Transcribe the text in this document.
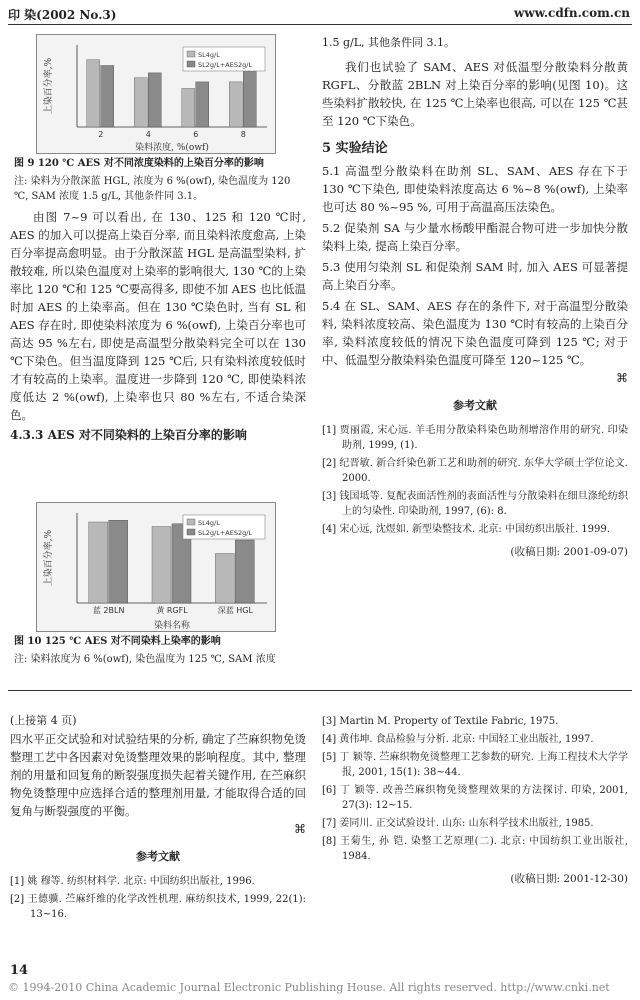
印 染(2002 No.3)	www.cdfn.com.cn
上染百分率,%
2	4	6	8
染料浓度, %(owf)
SL4g/L
SL2g/L+AES2g/L
图 9 120 ℃ AES 对不同浓度染料的上染百分率的影响
注: 染料为分散深蓝 HGL, 浓度为 6 %(owf), 染色温度为 120 ℃, SAM 浓度 1.5 g/L, 其他条件同 3.1。

由图 7~9 可以看出, 在 130、125 和 120 ℃时, AES 的加入可以提高上染百分率, 而且染料浓度愈高, 上染百分率提高愈明显。由于分散深蓝 HGL 是高温型染料, 扩散较难, 所以染色温度对上染率的影响很大, 130 ℃的上染率比 120 ℃和 125 ℃要高得多, 即使不加 AES 也比低温时加 AES 的上染率高。但在 130 ℃染色时, 当有 SL 和 AES 存在时, 即使染料浓度为 6 %(owf), 上染百分率也可高达 95 %左右, 即使是高温型分散染料完全可以在 130 ℃下染色。但当温度降到 125 ℃后, 只有染料浓度较低时才有较高的上染率。温度进一步降到 120 ℃, 即使染料浓度低达 2 %(owf), 上染率也只 80 %左右, 不适合染深色。

4.3.3 AES 对不同染料的上染百分率的影响
上染百分率,%
蓝 2BLN	黄 RGFL	深蓝 HGL
染料名称
SL4g/L
SL2g/L+AES2g/L
图 10 125 ℃ AES 对不同染料上染率的影响
注: 染料浓度为 6 %(owf), 染色温度为 125 ℃, SAM 浓度
1.5 g/L, 其他条件同 3.1。

我们也试验了 SAM、AES 对低温型分散染料分散黄 RGFL、分散蓝 2BLN 对上染百分率的影响(见图 10)。这些染料扩散较快, 在 125 ℃上染率也很高, 可以在 125 ℃甚至 120 ℃下染色。

5 实验结论
5.1 高温型分散染料在助剂 SL、SAM、AES 存在下于 130 ℃下染色, 即使染料浓度高达 6 %~8 %(owf), 上染率也可达 80 %~95 %, 可用于高温高压法染色。
5.2 促染剂 SA 与少量水杨酸甲酯混合物可进一步加快分散染料上染, 提高上染百分率。
5.3 使用匀染剂 SL 和促染剂 SAM 时, 加入 AES 可显著提高上染百分率。
5.4 在 SL、SAM、AES 存在的条件下, 对于高温型分散染料, 染料浓度较高、染色温度为 130 ℃时有较高的上染百分率, 染料浓度较低的情况下染色温度可降到 125 ℃; 对于中、低温型分散染料染色温度可降至 120~125 ℃。
⌘
参考文献
[1] 贾丽霞, 宋心远. 羊毛用分散染料染色助剂增溶作用的研究. 印染助剂, 1999, (1).
[2] 纪晋敏. 新合纤染色新工艺和助剂的研究. 东华大学硕士学位论文. 2000.
[3] 钱国坻等. 复配表面活性剂的表面活性与分散染料在细旦涤纶纺织上的匀染性. 印染助剂, 1997, (6): 8.
[4] 宋心远, 沈煜如. 新型染整技术. 北京: 中国纺织出版社. 1999.
(收稿日期: 2001-09-07)
(上接第 4 页)
四水平正交试验和对试验结果的分析, 确定了苎麻织物免烫整理工艺中各因素对免烫整理效果的影响程度。其中, 整理剂的用量和回复角的断裂强度损失起着关键作用, 在苎麻织物免烫整理中应选择合适的整理剂用量, 才能取得合适的回复角与断裂强度的平衡。
⌘
参考文献
[1] 姚 穆等. 纺织材料学. 北京: 中国纺织出版社, 1996.
[2] 王德骥. 苎麻纤维的化学改性机理. 麻纺织技术, 1999, 22(1): 13~16.
[3] Martin M. Property of Textile Fabric, 1975.
[4] 黄伟坤. 食品检验与分析. 北京: 中国轻工业出版社, 1997.
[5] 丁 颖等. 苎麻织物免烫整理工艺参数的研究. 上海工程技术大学学报, 2001, 15(1): 38~44.
[6] 丁 颖等. 改善苎麻织物免烫整理效果的方法探讨. 印染, 2001, 27(3): 12~15.
[7] 姜同川. 正交试验设计. 山东: 山东科学技术出版社, 1985.
[8] 王菊生, 孙 铠. 染整工艺原理(二). 北京: 中国纺织工业出版社, 1984.
(收稿日期: 2001-12-30)
14
© 1994-2010 China Academic Journal Electronic Publishing House. All rights reserved. http://www.cnki.net
